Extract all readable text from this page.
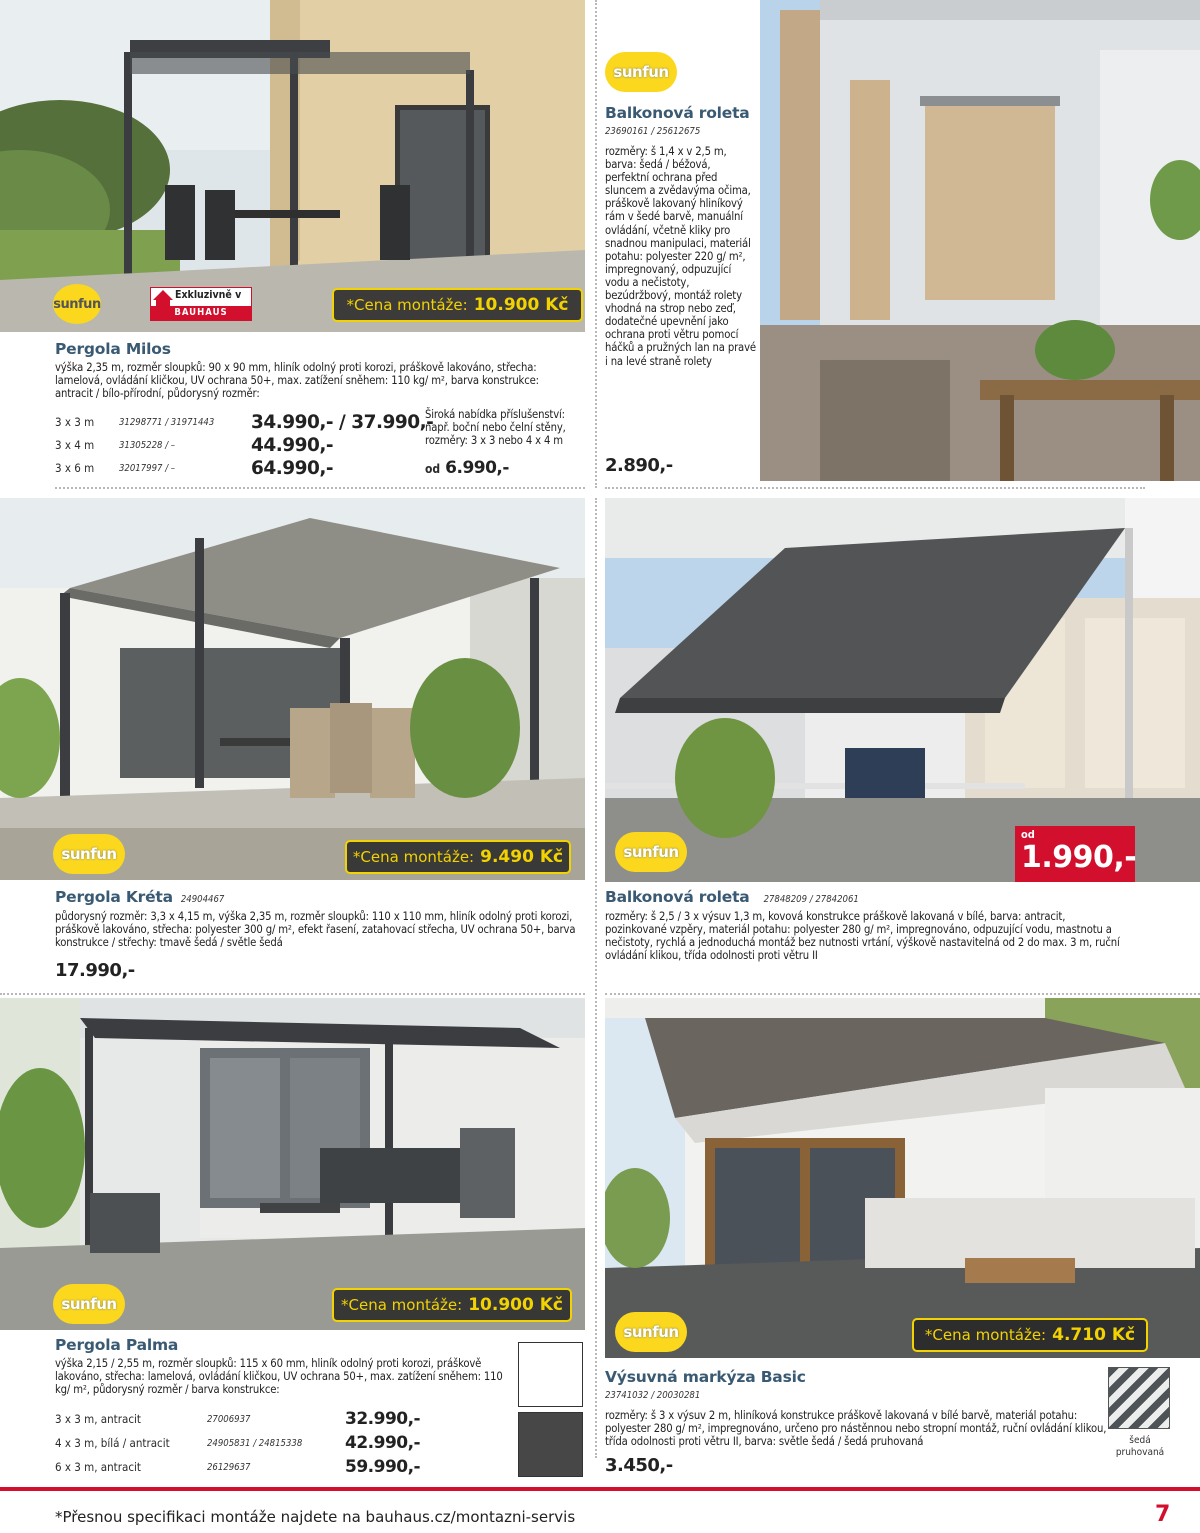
sunfun
Exkluzivně v
BAUHAUS	*Cena montáže: 10.900 Kč
Pergola Milos
výška 2,35 m, rozměr sloupků: 90 x 90 mm, hliník odolný proti korozi, práškově lakováno, střecha: lamelová, ovládání kličkou, UV ochrana 50+, max. zatížení sněhem: 110 kg/ m², barva konstrukce: antracit / bílo-přírodní, půdorysný rozměr:
3 x 3 m	31298771 / 31971443	34.990,- / 37.990,-
3 x 4 m	31305228 / –	44.990,-
3 x 6 m	32017997 / –	64.990,-
Široká nabídka příslušenství: např. boční nebo čelní stěny, rozměry: 3 x 3 nebo 4 x 4 m
od 6.990,-
sunfun
Balkonová roleta
23690161 / 25612675
rozměry: š 1,4 x v 2,5 m, barva: šedá / béžová, perfektní ochrana před sluncem a zvědavýma očima, práškově lakovaný hliníkový rám v šedé barvě, manuální ovládání, včetně kliky pro snadnou manipulaci, materiál potahu: polyester 220 g/ m², impregnovaný, odpuzující vodu a nečistoty, bezúdržbový, montáž rolety vhodná na strop nebo zeď, dodatečné upevnění jako ochrana proti větru pomocí háčků a pružných lan na pravé i na levé straně rolety
2.890,-
sunfun	*Cena montáže: 9.490 Kč
Pergola Kréta 24904467
půdorysný rozměr: 3,3 x 4,15 m, výška 2,35 m, rozměr sloupků: 110 x 110 mm, hliník odolný proti korozi, práškově lakováno, střecha: polyester 300 g/ m², efekt řasení, zatahovací střecha, UV ochrana 50+, barva konstrukce / střechy: tmavě šedá / světle šedá
17.990,-
sunfun
od
1.990,-
Balkonová roleta 27848209 / 27842061
rozměry: š 2,5 / 3 x výsuv 1,3 m, kovová konstrukce práškově lakovaná v bílé, barva: antracit, pozinkované vzpěry, materiál potahu: polyester 280 g/ m², impregnováno, odpuzující vodu, mastnotu a nečistoty, rychlá a jednoduchá montáž bez nutnosti vrtání, výškově nastavitelná od 2 do max. 3 m, ruční ovládání klikou, třída odolnosti proti větru II
sunfun	*Cena montáže: 10.900 Kč
Pergola Palma
výška 2,15 / 2,55 m, rozměr sloupků: 115 x 60 mm, hliník odolný proti korozi, práškově lakováno, střecha: lamelová, ovládání kličkou, UV ochrana 50+, max. zatížení sněhem: 110 kg/ m², půdorysný rozměr / barva konstrukce:
3 x 3 m, antracit	27006937	32.990,-
4 x 3 m, bílá / antracit	24905831 / 24815338	42.990,-
6 x 3 m, antracit	26129637	59.990,-
sunfun	*Cena montáže: 4.710 Kč
Výsuvná markýza Basic
23741032 / 20030281
rozměry: š 3 x výsuv 2 m, hliníková konstrukce práškově lakovaná v bílé barvě, materiál potahu: polyester 280 g/ m², impregnováno, určeno pro nástěnnou nebo stropní montáž, ruční ovládání klikou, třída odolnosti proti větru II, barva: světle šedá / šedá pruhovaná
3.450,-
šedá pruhovaná
*Přesnou specifikaci montáže najdete na bauhaus.cz/montazni-servis	7
